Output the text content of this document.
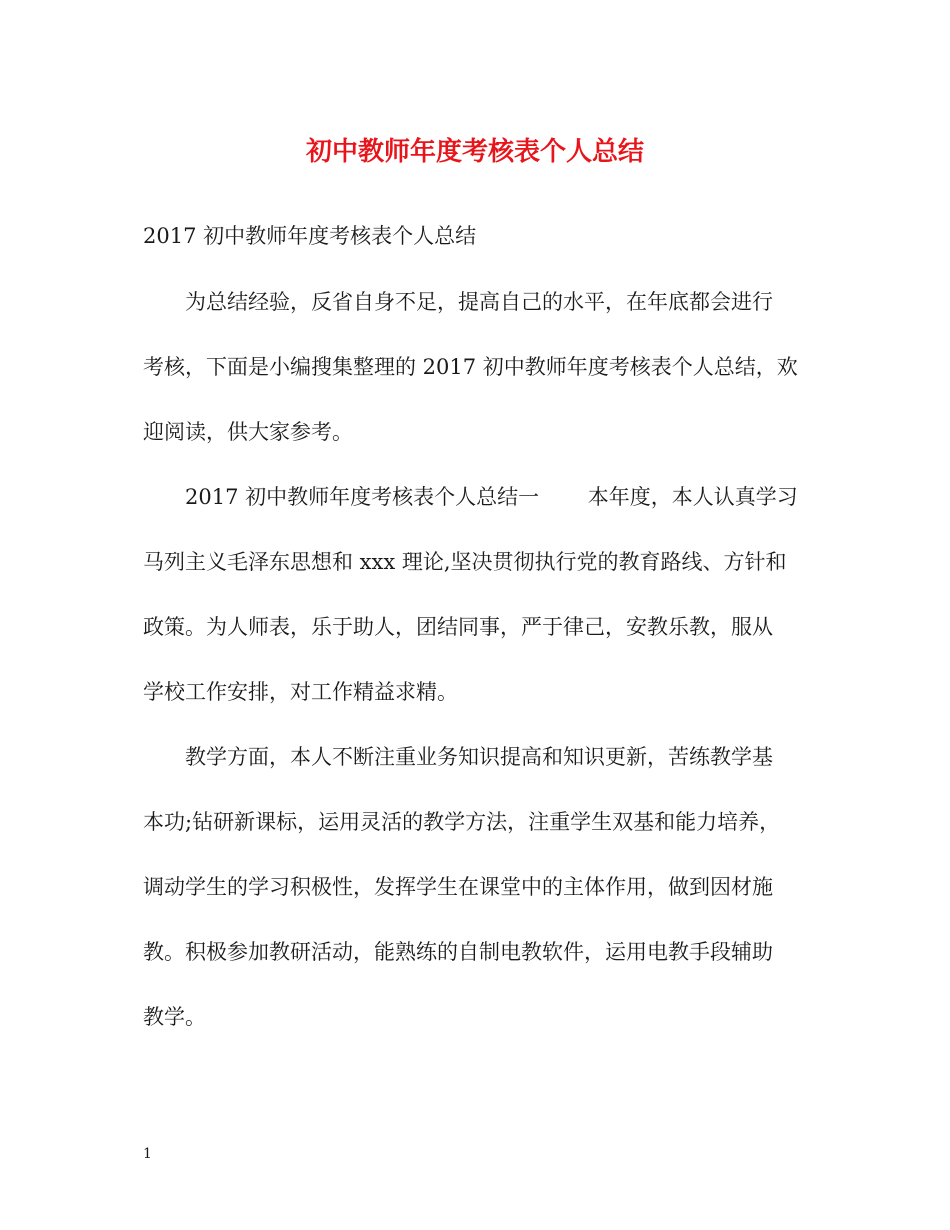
初中教师年度考核表个人总结

2017 初中教师年度考核表个人总结

　　为总结经验，反省自身不足，提高自己的水平，在年底都会进行
考核，下面是小编搜集整理的 2017 初中教师年度考核表个人总结，欢
迎阅读，供大家参考。
　　2017 初中教师年度考核表个人总结一　　 本年度，本人认真学习
马列主义毛泽东思想和 xxx 理论,坚决贯彻执行党的教育路线、方针和
政策。为人师表，乐于助人，团结同事，严于律己，安教乐教，服从
学校工作安排，对工作精益求精。
　　教学方面，本人不断注重业务知识提高和知识更新，苦练教学基
本功;钻研新课标，运用灵活的教学方法，注重学生双基和能力培养，
调动学生的学习积极性，发挥学生在课堂中的主体作用，做到因材施
教。积极参加教研活动，能熟练的自制电教软件，运用电教手段辅助
教学。

1
